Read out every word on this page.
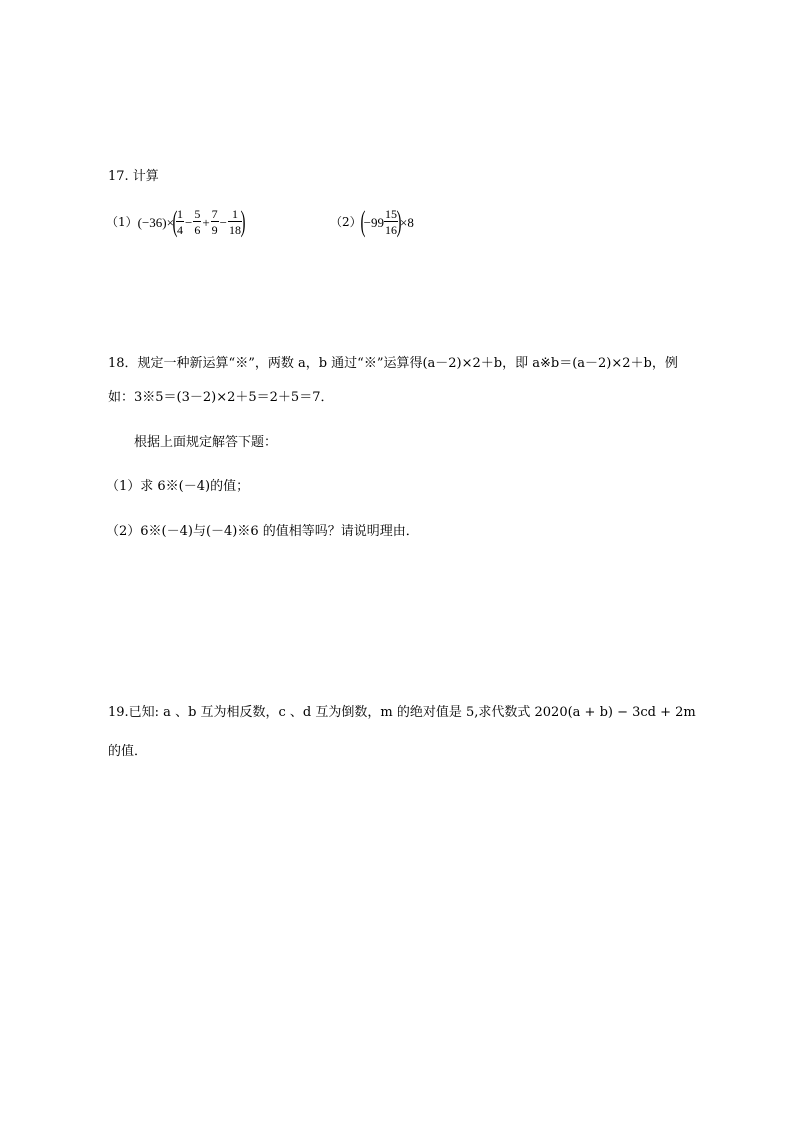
17. 计算
（1） (−36)×
(
$\frac{1}{4} - \frac{5}{6} + \frac{7}{9} - \frac{1}{18}$
)	（2）
(
$-99 \frac{15}{16}$
)
×8
18．规定一种新运算“※”，两数 a，b 通过“※”运算得(a－2)×2＋b，即 a※b＝(a－2)×2＋b，例
如：3※5＝(3－2)×2＋5＝2＋5＝7．
根据上面规定解答下题：
（1）求 6※(－4)的值；
（2）6※(－4)与(－4)※6 的值相等吗？请说明理由．
19.已知: a 、b 互为相反数，c 、d 互为倒数，m 的绝对值是 5,求代数式 2020(a + b) − 3cd + 2m
的值．
